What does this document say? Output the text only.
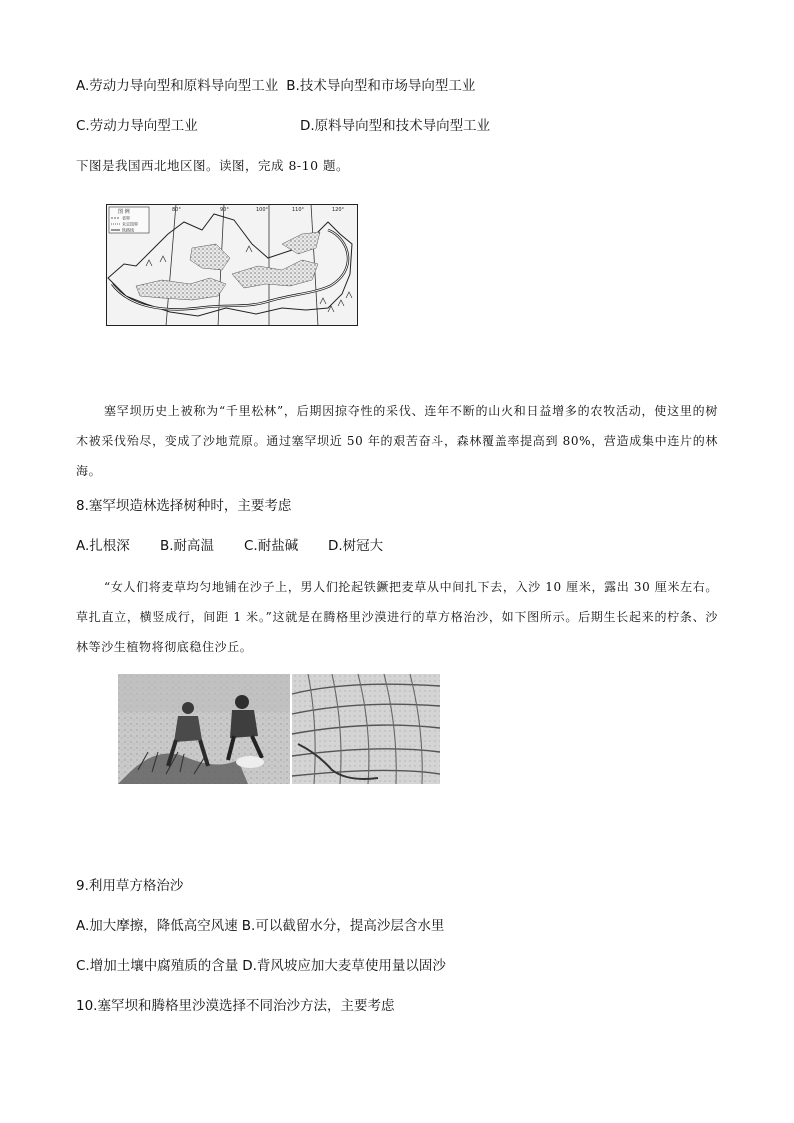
A.劳动力导向型和原料导向型工业 B.技术导向型和市场导向型工业
C.劳动力导向型工业	D.原料导向型和技术导向型工业
下图是我国西北地区图。读图，完成 8-10 题。
图 例
省界
未定国界
铁路线
80°	90°	100°	110°	120°
塞罕坝历史上被称为“千里松林”，后期因掠夺性的采伐、连年不断的山火和日益增多的农牧活动，使这里的树木被采伐殆尽，变成了沙地荒原。通过塞罕坝近 50 年的艰苦奋斗，森林覆盖率提高到 80%，营造成集中连片的林海。
8.塞罕坝造林选择树种时，主要考虑
A.扎根深 B.耐高温 C.耐盐碱 D.树冠大
“女人们将麦草均匀地铺在沙子上，男人们抡起铁鐝把麦草从中间扎下去，入沙 10 厘米，露出 30 厘米左右。草扎直立，横竖成行，间距 1 米。”这就是在腾格里沙漠进行的草方格治沙，如下图所示。后期生长起来的柠条、沙林等沙生植物将彻底稳住沙丘。
9.利用草方格治沙
A.加大摩擦，降低高空风速 B.可以截留水分，提高沙层含水里
C.增加土壤中腐殖质的含量 D.背风坡应加大麦草使用量以固沙
10.塞罕坝和腾格里沙漠选择不同治沙方法，主要考虑
